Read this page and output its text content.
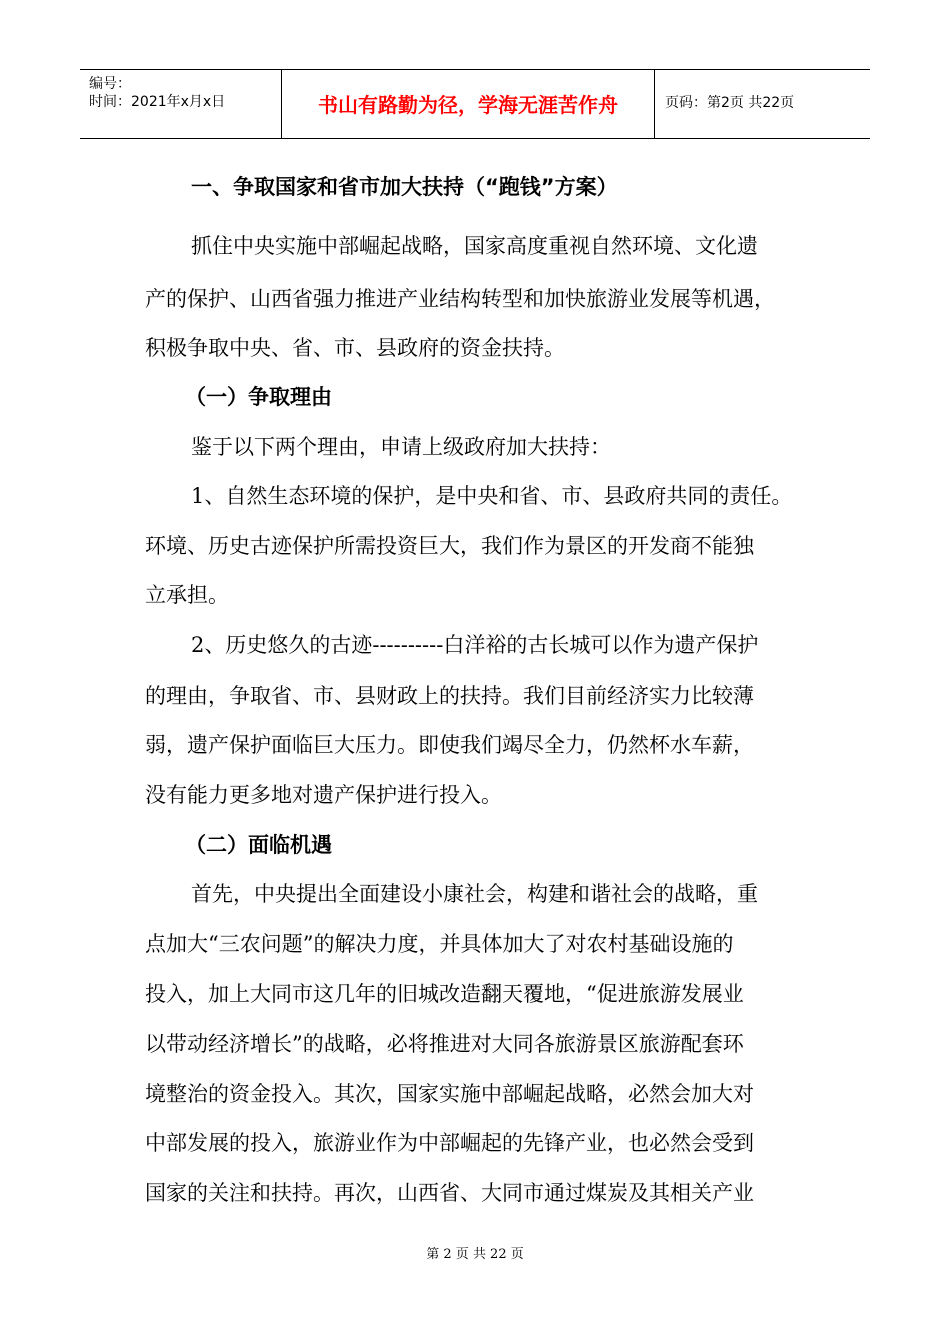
编号：
时间：2021年x月x日	书山有路勤为径，学海无涯苦作舟	页码：第2页 共22页
一、争取国家和省市加大扶持（“跑钱”方案）
抓住中央实施中部崛起战略，国家高度重视自然环境、文化遗
产的保护、山西省强力推进产业结构转型和加快旅游业发展等机遇，
积极争取中央、省、市、县政府的资金扶持。
（一）争取理由
鉴于以下两个理由，申请上级政府加大扶持：
1、自然生态环境的保护，是中央和省、市、县政府共同的责任。
环境、历史古迹保护所需投资巨大，我们作为景区的开发商不能独
立承担。
2、历史悠久的古迹----------白洋裕的古长城可以作为遗产保护
的理由，争取省、市、县财政上的扶持。我们目前经济实力比较薄
弱，遗产保护面临巨大压力。即使我们竭尽全力，仍然杯水车薪，
没有能力更多地对遗产保护进行投入。
（二）面临机遇
首先，中央提出全面建设小康社会，构建和谐社会的战略，重
点加大“三农问题”的解决力度，并具体加大了对农村基础设施的
投入，加上大同市这几年的旧城改造翻天覆地，“促进旅游发展业
以带动经济增长”的战略，必将推进对大同各旅游景区旅游配套环
境整治的资金投入。其次，国家实施中部崛起战略，必然会加大对
中部发展的投入，旅游业作为中部崛起的先锋产业，也必然会受到
国家的关注和扶持。再次，山西省、大同市通过煤炭及其相关产业
第 2 页 共 22 页
